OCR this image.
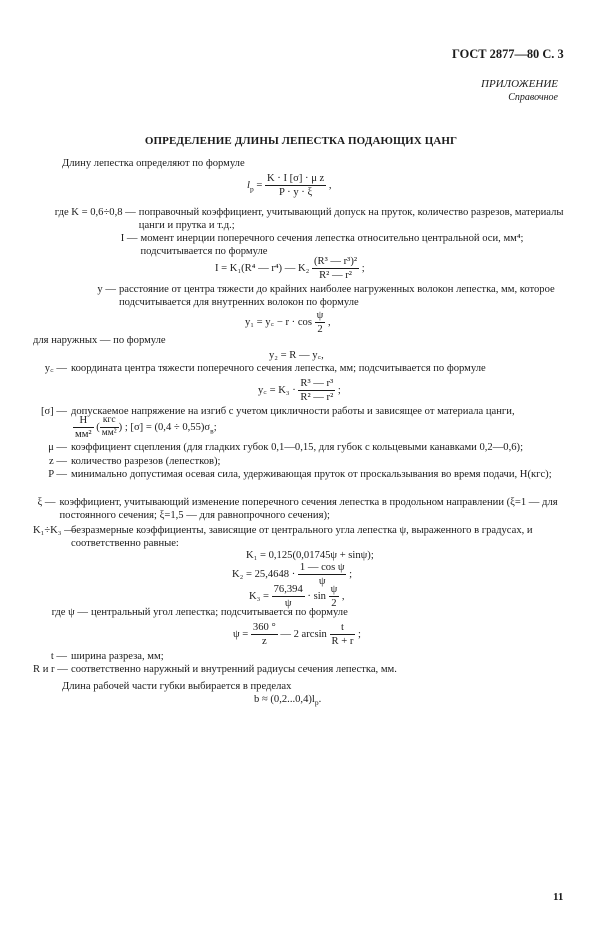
ГОСТ 2877—80 С. 3
ПРИЛОЖЕНИЕ
Справочное
ОПРЕДЕЛЕНИЕ ДЛИНЫ ЛЕПЕСТКА ПОДАЮЩИХ ЦАНГ
Длину лепестка определяют по формуле
$l_p = \frac{\text{K · I [σ] · μ z}}{P \cdot y \cdot \xi}$ ,
где K = 0,6÷0,8 — поправочный коэффициент, учитывающий допуск на пруток, количество разрезов, материалы цанги и прутка и т.д.;
I — момент инерции поперечного сечения лепестка относительно центральной оси, мм⁴; подсчитывается по формуле
I = K₁(R⁴ — r⁴) — $K_2 \frac{\text{(R³ — r³)²}}{\text{R² — r²}}$ ;
y — расстояние от центра тяжести до крайних наиболее нагруженных волокон лепестка, мм, которое подсчитывается для внутренних волокон по формуле
y₁ = y꜀ − $r \cdot \cos \frac{\psi}{2}$ ,
для наружных — по формуле
y₂ = R — y꜀,
y꜀ — координата центра тяжести поперечного сечения лепестка, мм; подсчитывается по формуле
y꜀ = $K_3 \cdot \frac{\text{R³ — r³}}{\text{R² — r²}}$ ;
[σ] — допускаемое напряжение на изгиб с учетом цикличности работы и зависящее от материала цанги,
$\frac{Н}{\text{мм²}}$ ( $\frac{\text{кгс}}{\text{мм²}}$ ) ; $[\sigma] = (0,4 \div 0,55)\sigma_в$;
μ — коэффициент сцепления (для гладких губок 0,1—0,15, для губок с кольцевыми канавками 0,2—0,6);
z — количество разрезов (лепестков);
P — минимально допустимая осевая сила, удерживающая пруток от проскальзывания во время подачи, Н(кгс);
ξ — коэффициент, учитывающий изменение поперечного сечения лепестка в продольном направлении (ξ=1 — для постоянного сечения; ξ=1,5 — для равнопрочного сечения);
K₁÷K₃ —
безразмерные коэффициенты, зависящие от центрального угла лепестка ψ, выраженного в градусах, и соответственно равные:
K₁ = 0,125(0,01745ψ + sinψ);
$K_2 = 25,4648 \cdot \frac{\text{1 — cos ψ}}{\psi}$ ;
$K_3 = \frac{76,394}{\psi} \cdot \sin \frac{\psi}{2}$ ,
где ψ — центральный угол лепестка; подсчитывается по формуле
$\psi = \frac{360 ^\circ}{z}$ — 2 $\arcsin \frac{t}{R + r}$ ;
t — ширина разреза, мм;
R и r — соответственно наружный и внутренний радиусы сечения лепестка, мм.
Длина рабочей части губки выбирается в пределах
$b \approx (0,2...0,4)l_p$.
11
